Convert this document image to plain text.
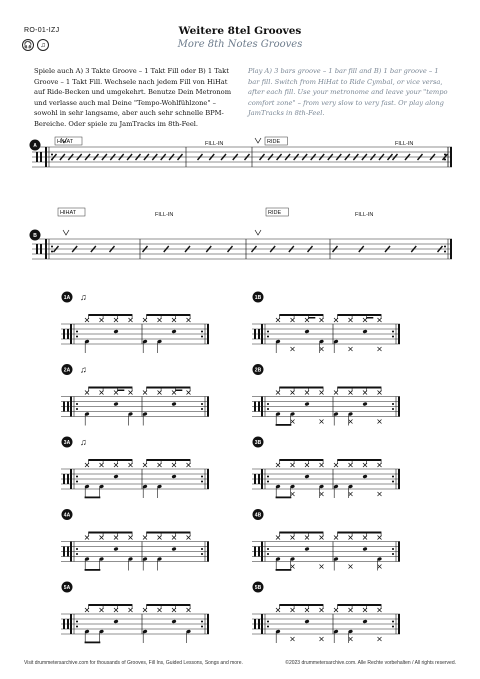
RO-01-IZJ
🎧	♫
Weitere 8tel Grooves
More 8th Notes Grooves
Spiele auch A) 3 Takte Groove – 1 Takt Fill oder B) 1 Takt Groove – 1 Takt Fill. Wechsele nach jedem Fill von HiHat auf Ride-Becken und umgekehrt. Benutze Dein Metronom und verlasse auch mal Deine "Tempo-Wohlfühlzone" – sowohl in sehr langsame, aber auch sehr schnelle BPM-Bereiche. Oder spiele zu JamTracks im 8th-Feel.
Play A) 3 bars groove – 1 bar fill and B) 1 bar groove – 1 bar fill. Switch from HiHat to Ride Cymbal, or vice versa, after each fill. Use your metronome and leave your "tempo comfort zone" – from very slow to very fast. Or play along JamTracks in 8th-Feel.
A
HIHAT	FILL-IN	RIDE	FILL-IN
B
HIHAT	FILL-IN	RIDE	FILL-IN
1A ♫	1B
2A ♫	2B
3A ♫	3B
4A	4B
5A	5B
Visit drummetersarchive.com for thousands of Grooves, Fill Ins, Guided Lessons, Songs and more.	©2023 drummetersarchive.com. Alle Rechte vorbehalten / All rights reserved.
